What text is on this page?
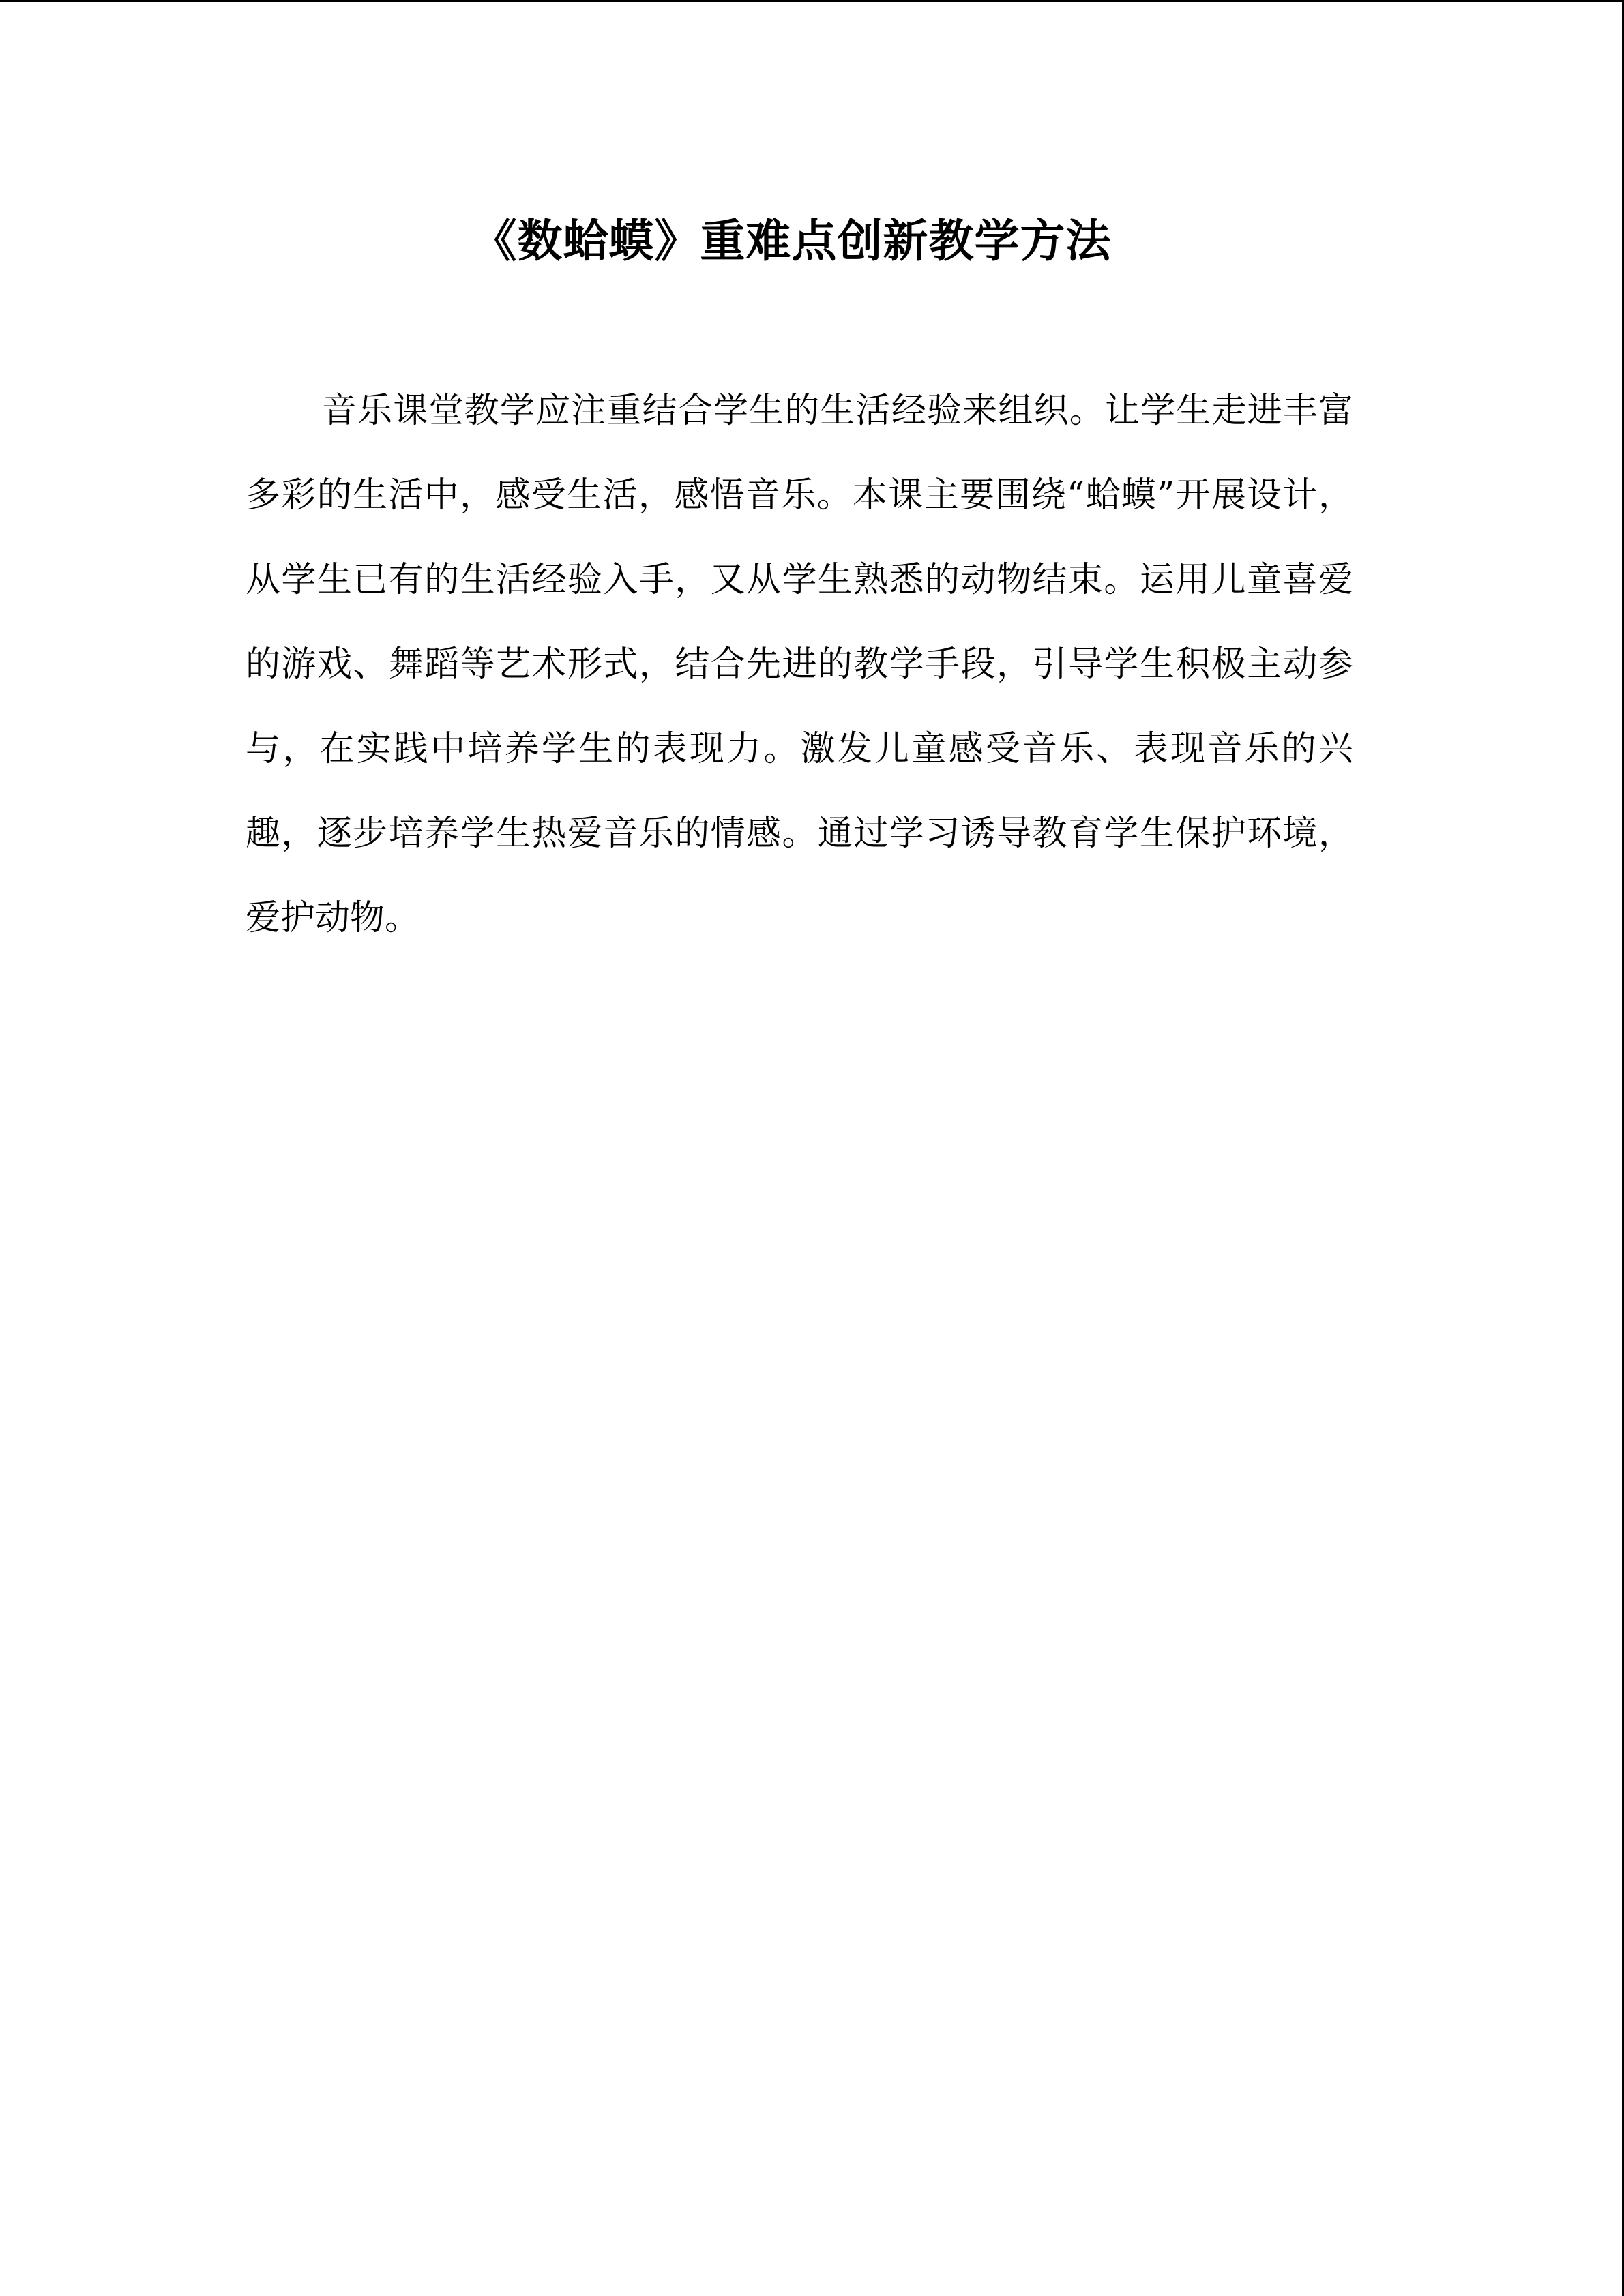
《数蛤蟆》重难点创新教学方法

音乐课堂教学应注重结合学生的生活经验来组织。让学生走进丰富多彩的生活中，感受生活，感悟音乐。本课主要围绕“蛤蟆”开展设计，从学生已有的生活经验入手，又从学生熟悉的动物结束。运用儿童喜爱的游戏、舞蹈等艺术形式，结合先进的教学手段，引导学生积极主动参与，在实践中培养学生的表现力。激发儿童感受音乐、表现音乐的兴趣，逐步培养学生热爱音乐的情感。通过学习诱导教育学生保护环境，爱护动物。
